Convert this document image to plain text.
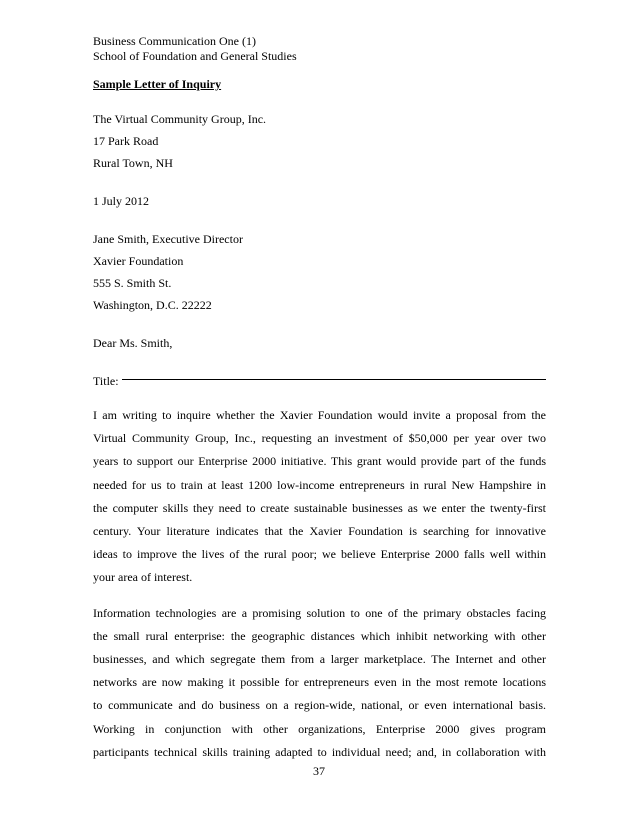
Business Communication One (1)

School of Foundation and General Studies

Sample Letter of Inquiry

The Virtual Community Group, Inc.

17 Park Road

Rural Town, NH

1 July 2012

Jane Smith, Executive Director

Xavier Foundation

555 S. Smith St.

Washington, D.C. 22222

Dear Ms. Smith,

Title:
I am writing to inquire whether the Xavier Foundation would invite a proposal from the
Virtual Community Group, Inc., requesting an investment of $50,000 per year over two
years to support our Enterprise 2000 initiative. This grant would provide part of the funds
needed for us to train at least 1200 low-income entrepreneurs in rural New Hampshire in
the computer skills they need to create sustainable businesses as we enter the twenty-first
century. Your literature indicates that the Xavier Foundation is searching for innovative
ideas to improve the lives of the rural poor; we believe Enterprise 2000 falls well within
your area of interest.
Information technologies are a promising solution to one of the primary obstacles facing
the small rural enterprise: the geographic distances which inhibit networking with other
businesses, and which segregate them from a larger marketplace. The Internet and other
networks are now making it possible for entrepreneurs even in the most remote locations
to communicate and do business on a region-wide, national, or even international basis.
Working in conjunction with other organizations, Enterprise 2000 gives program
participants technical skills training adapted to individual need; and, in collaboration with
37
